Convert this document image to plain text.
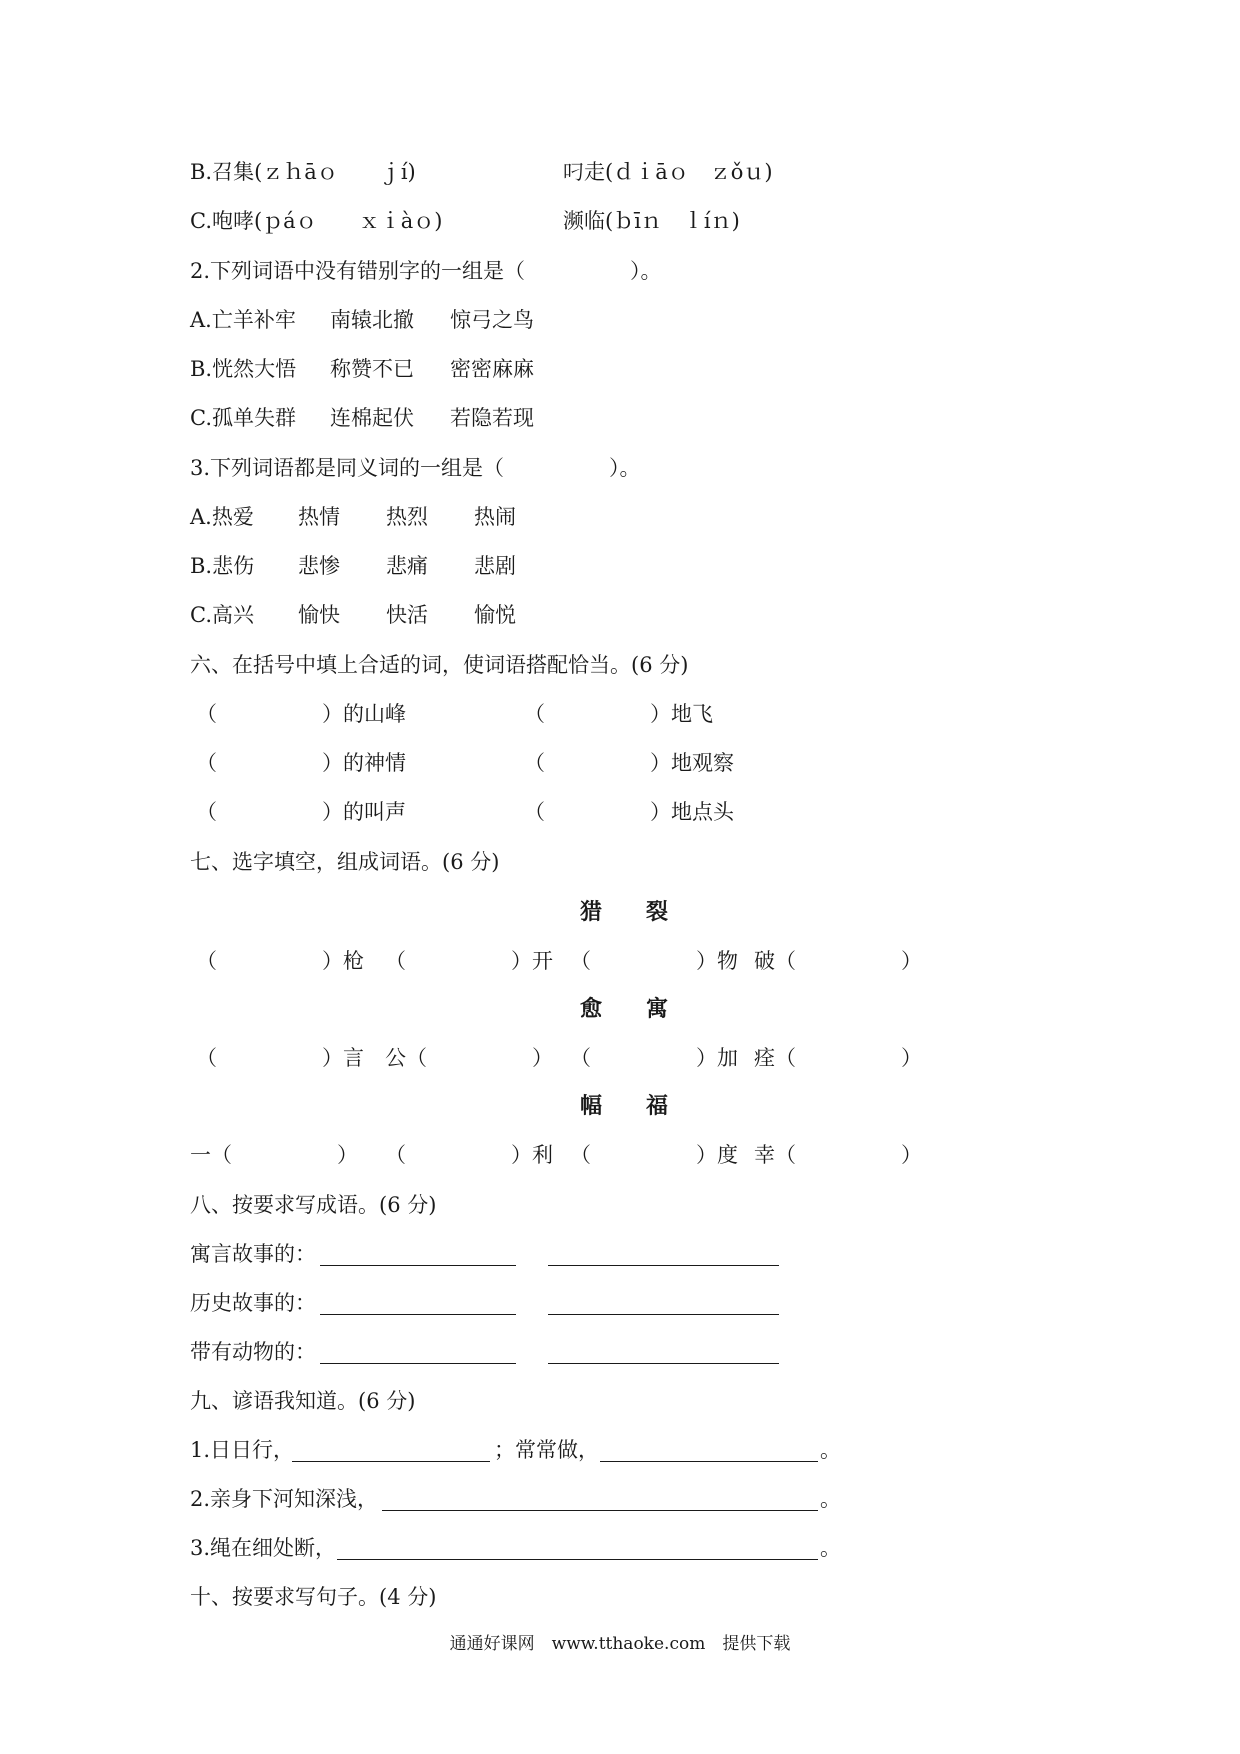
B.召集(ｚｈāｏ　　ｊí)	叼走(ｄｉāｏ　ｚǒｕ)
C.咆哮(ｐáｏ　　ｘｉàｏ)	濒临(ｂīｎ　ｌíｎ)
2.下列词语中没有错别字的一组是（　　　　　）。
A.亡羊补牢 南辕北撤 惊弓之鸟
B.恍然大悟 称赞不已 密密麻麻
C.孤单失群 连棉起伏 若隐若现
3.下列词语都是同义词的一组是（　　　　　）。
A.热爱 热情 热烈 热闹
B.悲伤 悲惨 悲痛 悲剧
C.高兴 愉快 快活 愉悦
六、在括号中填上合适的词，使词语搭配恰当。(6 分)
（　　　　　）的山峰	（　　　　　）地飞
（　　　　　）的神情	（　　　　　）地观察
（　　　　　）的叫声	（　　　　　）地点头
七、选字填空，组成词语。(6 分)
猎 裂
（　　　　　）枪 （　　　　　）开 （　　　　　）物 破（　　　　　）
愈 寓
（　　　　　）言 公（　　　　　） （　　　　　）加 痊（　　　　　）
幅 福
一（　　　　　） （　　　　　）利 （　　　　　）度 幸（　　　　　）
八、按要求写成语。(6 分)
寓言故事的：
历史故事的：
带有动物的：
九、谚语我知道。(6 分)
1.日日行，	；常常做，	。
2.亲身下河知深浅，	。
3.绳在细处断，	。
十、按要求写句子。(4 分)
通通好课网　www.tthaoke.com　提供下载
